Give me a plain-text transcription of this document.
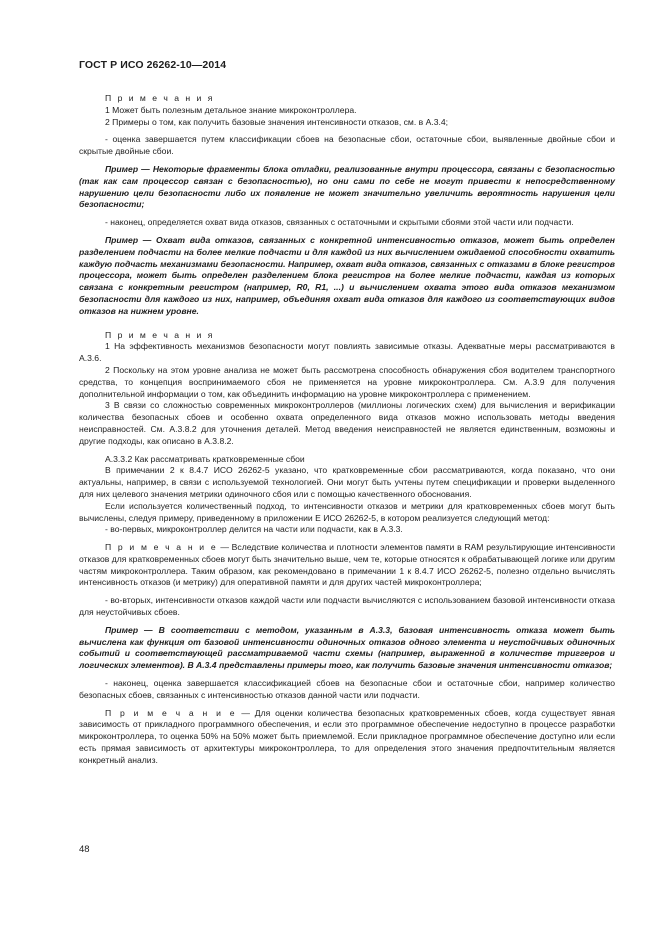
ГОСТ Р ИСО 26262-10—2014

П р и м е ч а н и я

1 Может быть полезным детальное знание микроконтроллера.

2 Примеры о том, как получить базовые значения интенсивности отказов, см. в А.3.4;

- оценка завершается путем классификации сбоев на безопасные сбои, остаточные сбои, выявленные двойные сбои и скрытые двойные сбои.

Пример — Некоторые фрагменты блока отладки, реализованные внутри процессора, связаны с безопасностью (так как сам процессор связан с безопасностью), но они сами по себе не могут привести к непосредственному нарушению цели безопасности либо их появление не может значительно увеличить вероятность нарушения цели безопасности;

- наконец, определяется охват вида отказов, связанных с остаточными и скрытыми сбоями этой части или подчасти.

Пример — Охват вида отказов, связанных с конкретной интенсивностью отказов, может быть определен разделением подчасти на более мелкие подчасти и для каждой из них вычислением ожидаемой способности охватить каждую подчасть механизмами безопасности. Например, охват вида отказов, связанных с отказами в блоке регистров процессора, может быть определен разделением блока регистров на более мелкие подчасти, каждая из которых связана с конкретным регистром (например, R0, R1, ...) и вычислением охвата этого вида отказов механизмом безопасности для каждого из них, например, объединяя охват вида отказов для каждого из соответствующих видов отказов на нижнем уровне.

П р и м е ч а н и я

1 На эффективность механизмов безопасности могут повлиять зависимые отказы. Адекватные меры рассматриваются в А.3.6.

2 Поскольку на этом уровне анализа не может быть рассмотрена способность обнаружения сбоя водителем транспортного средства, то концепция воспринимаемого сбоя не применяется на уровне микроконтроллера. См. А.3.9 для получения дополнительной информации о том, как объединить информацию на уровне микроконтроллера с применением.

3 В связи со сложностью современных микроконтроллеров (миллионы логических схем) для вычисления и верификации количества безопасных сбоев и особенно охвата определенного вида отказов можно использовать методы введения неисправностей. См. А.3.8.2 для уточнения деталей. Метод введения неисправностей не является единственным, возможны и другие подходы, как описано в А.3.8.2.

А.3.3.2 Как рассматривать кратковременные сбои

В примечании 2 к 8.4.7 ИСО 26262-5 указано, что кратковременные сбои рассматриваются, когда показано, что они актуальны, например, в связи с используемой технологией. Они могут быть учтены путем спецификации и проверки выделенного для них целевого значения метрики одиночного сбоя или с помощью качественного обоснования.

Если используется количественный подход, то интенсивности отказов и метрики для кратковременных сбоев могут быть вычислены, следуя примеру, приведенному в приложении Е ИСО 26262-5, в котором реализуется следующий метод:

- во-первых, микроконтроллер делится на части или подчасти, как в А.3.3.

П р и м е ч а н и е — Вследствие количества и плотности элементов памяти в RAM результирующие интенсивности отказов для кратковременных сбоев могут быть значительно выше, чем те, которые относятся к обрабатывающей логике или другим частям микроконтроллера. Таким образом, как рекомендовано в примечании 1 к 8.4.7 ИСО 26262-5, полезно отдельно вычислять интенсивность отказов (и метрику) для оперативной памяти и для других частей микроконтроллера;

- во-вторых, интенсивности отказов каждой части или подчасти вычисляются с использованием базовой интенсивности отказа для неустойчивых сбоев.

Пример — В соответствии с методом, указанным в А.3.3, базовая интенсивность отказа может быть вычислена как функция от базовой интенсивности одиночных отказов одного элемента и неустойчивых одиночных событий и соответствующей рассматриваемой части схемы (например, выраженной в количестве триггеров и логических элементов). В А.3.4 представлены примеры того, как получить базовые значения интенсивности отказов;

- наконец, оценка завершается классификацией сбоев на безопасные сбои и остаточные сбои, например количество безопасных сбоев, связанных с интенсивностью отказов данной части или подчасти.

П р и м е ч а н и е — Для оценки количества безопасных кратковременных сбоев, когда существует явная зависимость от прикладного программного обеспечения, и если это программное обеспечение недоступно в процессе разработки микроконтроллера, то оценка 50% на 50% может быть приемлемой. Если прикладное программное обеспечение доступно или если есть прямая зависимость от архитектуры микроконтроллера, то для определения этого значения предпочтительным является конкретный анализ.

48
